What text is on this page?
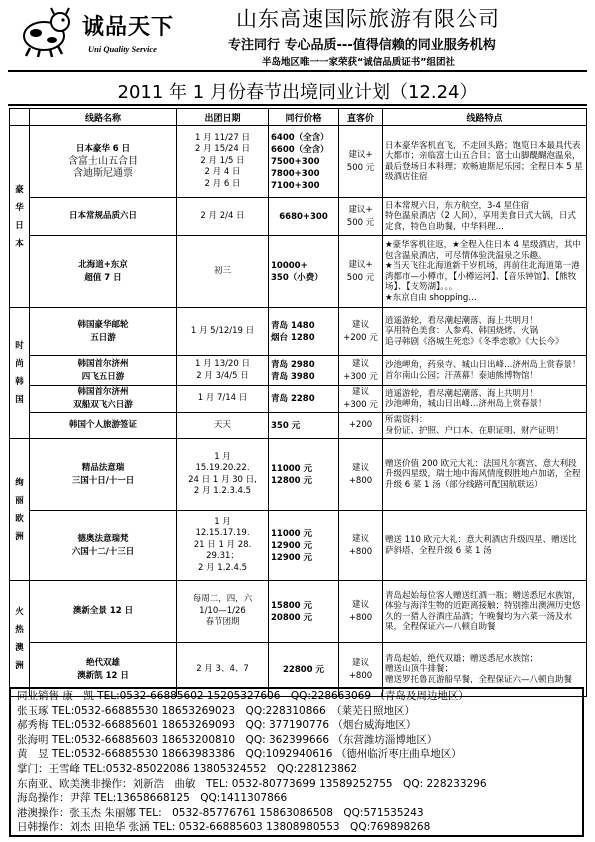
诚品天下
Uni Quality Service
山东高速国际旅游有限公司
专注同行 专心品质---值得信赖的同业服务机构
半岛地区唯一一家荣获“诚信品质证书”组团社
2011 年 1 月份春节出境同业计划（12.24）
	线路名称	出团日期	同行价格	直客价	线路特点

豪
华
日
本	日本豪华 6 日
含富士山五合目
含迪斯尼通票	1 月 11/27 日
2 月 15/24 日
2 月 1/5 日
2 月 4 日
2 月 6 日	6400（全含）
6600（全含）
7500+300
7800+300
7100+300	建议+
500 元	日本豪华客机直飞，不走回头路；饱览日本最具代表大都市；亲临富士山五合目；富士山脚醍醐泡温泉，最后登场日本料理；欢畅迪斯尼乐园；全程日本 5 星级酒店住宿

	日本常规品质六日	2 月 2/4 日	6680+300	建议+
500 元	日本常规六日，东方航空，3-4 星住宿
特色温泉酒店（2 人间），享用美食日式大锅，日式定食，特色自助餐，中华料理…

	北海道+东京
超值 7 日	初三	10000+
350（小费）	建议+
500 元	★豪华客机往返，★全程入住日本 4 星级酒店，其中包含温泉酒店，可尽情体验洗温泉之乐趣。
★当天飞往北海道新千岁机场，再前往北海道第一港湾都市—小樽市，【小樽运河】、【音乐钟馆】、【熊牧场】、【支笏湖】。。。
★东京自由 shopping…

时
尚
韩
国	韩国豪华邮轮
五日游	1 月 5/12/19 日	青岛 1480
烟台 1280	建议
+200 元	逍遥游轮，看尽潮起潮落、海上共明月！
享用特色美食：人参鸡、韩国烧烤、火锅
追寻韩剧《洛城生死恋》《冬季恋歌》《大长今》

	韩国首尔济州
四飞五日游	1 月 13/20 日
2 月 3/4/5 日	青岛 2980
青岛 3980	建议
+300 元	沙池岬角，药泉寺、城山日出峰…济州岛上赏春景！首尔南山公园；汗蒸幕！泰迪熊博物馆！

	韩国首尔济州
双船双飞六日游	1 月 7/14 日	青岛 2280	建议
+300 元	逍遥游轮，看尽潮起潮落、海上共明月！
沙池岬角，城山日出峰…济州岛上赏春景！

	韩国个人旅游签证	天天	350 元	+200	所需资料：
身份证、护照、户口本、在职证明、财产证明！

绚
丽
欧
洲	精品法意瑞
三国十日/十一日	1 月
15.19.20.22.
24 日 1 月 30 日,
2 月 1.2.3.4.5	11000 元
12800 元	建议
+800	赠送价值 200 欧元大礼：法国凡尔赛宫、意大利段升级四星级，瑞士地中海风情度假胜地卢加诺，全程升级 6 菜 1 汤（部分线路可配国航联运）

	德奥法意瑞梵
六国十二/十三日	1 月
12.15.17.19.
21 日 1 月 28.
29.31；
2 月 1.2.4.5	11000 元
12900 元
12900 元	建议
+800	赠送 110 欧元大礼：意大利酒店升级四星、赠送比萨斜塔、全程升级 6 菜 1 汤

火
热
澳
洲	澳新全景 12 日	每周二，四，六
1/10—1/26
春节团期	15800 元
20800 元	建议
+800	青岛起始每位客人赠送红酒一瓶；赠送悉尼水族馆，体验与海洋生物的近距离接触；特别推出澳洲历史悠久的一猎人谷酒庄品酒；午晚餐均为六菜一汤及水果，全程保证六—八顿自助餐

	绝代双雄
澳新凯 12 日	2 月 3、4、7	22800 元	建议
+800	青岛起始，绝代双雄；赠送悉尼水族馆；
赠送山顶牛排餐；
赠送罗托鲁瓦游船早餐，全程保证六—八顿自助餐
同业销售 康　凯 TEL:0532-66885602 15205327606　QQ:228663069 （青岛及周边地区）
张玉琢 TEL:0532-66885530 18653269023　QQ:228310866　（莱芜日照地区）
郝秀梅 TEL:0532-66885601 18653269093　QQ: 377190776 （烟台威海地区）
张海明 TEL:0532-66885603 18653200810　QQ: 362399666 （东营潍坊淄博地区）
黄　昱 TEL:0532-66885530 18663983386　QQ:1092940616 （德州临沂枣庄曲阜地区）
掌门：王雪峰 TEL:0532-85022086 13805324552　QQ:228123862
东南亚、欧美澳非操作：刘新浩　曲敏　TEL: 0532-80773699 13589252755　QQ: 228233296
海岛操作：尹萍 TEL:13658668125　QQ:1411307866
港澳操作：张玉杰 朱丽娜 TEL:　0532-85776761 15863086508　QQ:571535243
日韩操作：刘杰 田艳华 张涵 TEL: 0532-66885603 13808980553　QQ:769898268
